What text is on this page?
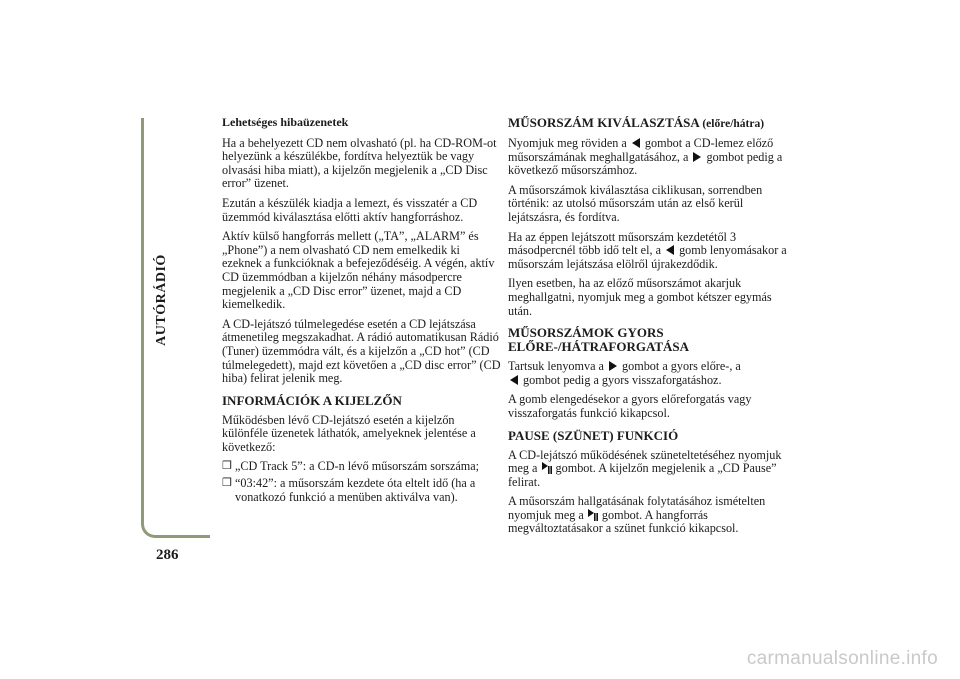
AUTÓRÁDIÓ
286
Lehetséges hibaüzenetek

Ha a behelyezett CD nem olvasható (pl. ha CD-ROM-ot helyezünk a készülékbe, fordítva helyeztük be vagy olvasási hiba miatt), a kijelzőn megjelenik a „CD Disc error” üzenet.

Ezután a készülék kiadja a lemezt, és visszatér a CD üzemmód kiválasztása előtti aktív hangforráshoz.

Aktív külső hangforrás mellett („TA”, „ALARM” és „Phone”) a nem olvasható CD nem emelkedik ki ezeknek a funkcióknak a befejeződéséig. A végén, aktív CD üzemmódban a kijelzőn néhány másodpercre megjelenik a „CD Disc error” üzenet, majd a CD kiemelkedik.

A CD-lejátszó túlmelegedése esetén a CD lejátszása átmenetileg megszakadhat. A rádió automatikusan Rádió (Tuner) üzemmódra vált, és a kijelzőn a „CD hot” (CD túlmelegedett), majd ezt követően a „CD disc error” (CD hiba) felirat jelenik meg.

INFORMÁCIÓK A KIJELZŐN

Működésben lévő CD-lejátszó esetén a kijelzőn különféle üzenetek láthatók, amelyeknek jelentése a következő:

❒ „CD Track 5”: a CD-n lévő műsorszám sorszáma;
❒ “03:42”: a műsorszám kezdete óta eltelt idő (ha a vonatkozó funkció a menüben aktiválva van).
MŰSORSZÁM KIVÁLASZTÁSA (előre/hátra)

Nyomjuk meg röviden a gombot a CD-lemez előző műsorszámának meghallgatásához, a gombot pedig a következő műsorszámhoz.

A műsorszámok kiválasztása ciklikusan, sorrendben történik: az utolsó műsorszám után az első kerül lejátszásra, és fordítva.

Ha az éppen lejátszott műsorszám kezdetétől 3 másodpercnél több idő telt el, a gomb lenyomásakor a műsorszám lejátszása elölről újrakezdődik.

Ilyen esetben, ha az előző műsorszámot akarjuk meghallgatni, nyomjuk meg a gombot kétszer egymás után.

MŰSORSZÁMOK GYORS ELŐRE-/HÁTRAFORGATÁSA

Tartsuk lenyomva a gombot a gyors előre-, a
gombot pedig a gyors visszaforgatáshoz.

A gomb elengedésekor a gyors előreforgatás vagy visszaforgatás funkció kikapcsol.

PAUSE (SZÜNET) FUNKCIÓ

A CD-lejátszó működésének szüneteltetéséhez nyomjuk meg a gombot. A kijelzőn megjelenik a „CD Pause” felirat.

A műsorszám hallgatásának folytatásához ismételten nyomjuk meg a gombot. A hangforrás megváltoztatásakor a szünet funkció kikapcsol.

carmanualsonline.info
